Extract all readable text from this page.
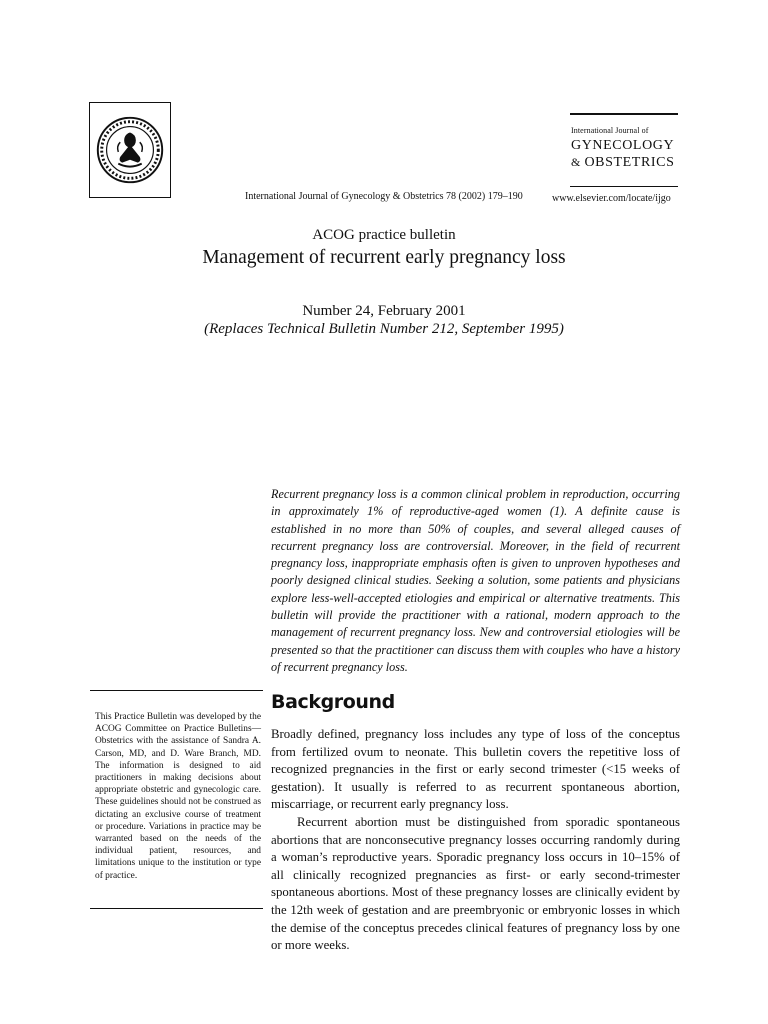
International Journal of
GYNECOLOGY
& OBSTETRICS
International Journal of Gynecology & Obstetrics 78 (2002) 179–190	www.elsevier.com/locate/ijgo
ACOG practice bulletin
Management of recurrent early pregnancy loss
Number 24, February 2001
(Replaces Technical Bulletin Number 212, September 1995)
Recurrent pregnancy loss is a common clinical problem in reproduction, occurring in approximately 1% of reproductive-aged women (1). A definite cause is established in no more than 50% of couples, and several alleged causes of recurrent pregnancy loss are controversial. Moreover, in the field of recurrent pregnancy loss, inappropriate emphasis often is given to unproven hypotheses and poorly designed clinical studies. Seeking a solution, some patients and physicians explore less-well-accepted etiologies and empirical or alternative treatments. This bulletin will provide the practitioner with a rational, modern approach to the management of recurrent pregnancy loss. New and controversial etiologies will be presented so that the practitioner can discuss them with couples who have a history of recurrent pregnancy loss.
This Practice Bulletin was developed by the ACOG Committee on Practice Bulletins—Obstetrics with the assistance of Sandra A. Carson, MD, and D. Ware Branch, MD. The information is designed to aid practitioners in making decisions about appropriate obstetric and gynecologic care. These guidelines should not be construed as dictating an exclusive course of treatment or procedure. Variations in practice may be warranted based on the needs of the individual patient, resources, and limitations unique to the institution or type of practice.
Background

Broadly defined, pregnancy loss includes any type of loss of the conceptus from fertilized ovum to neonate. This bulletin covers the repetitive loss of recognized pregnancies in the first or early second trimester (<15 weeks of gestation). It usually is referred to as recurrent spontaneous abortion, miscarriage, or recurrent early pregnancy loss.

Recurrent abortion must be distinguished from sporadic spontaneous abortions that are nonconsecutive pregnancy losses occurring randomly during a woman’s reproductive years. Sporadic pregnancy loss occurs in 10–15% of all clinically recognized pregnancies as first- or early second-trimester spontaneous abortions. Most of these pregnancy losses are clinically evident by the 12th week of gestation and are preembryonic or embryonic losses in which the demise of the conceptus precedes clinical features of pregnancy loss by one or more weeks.
